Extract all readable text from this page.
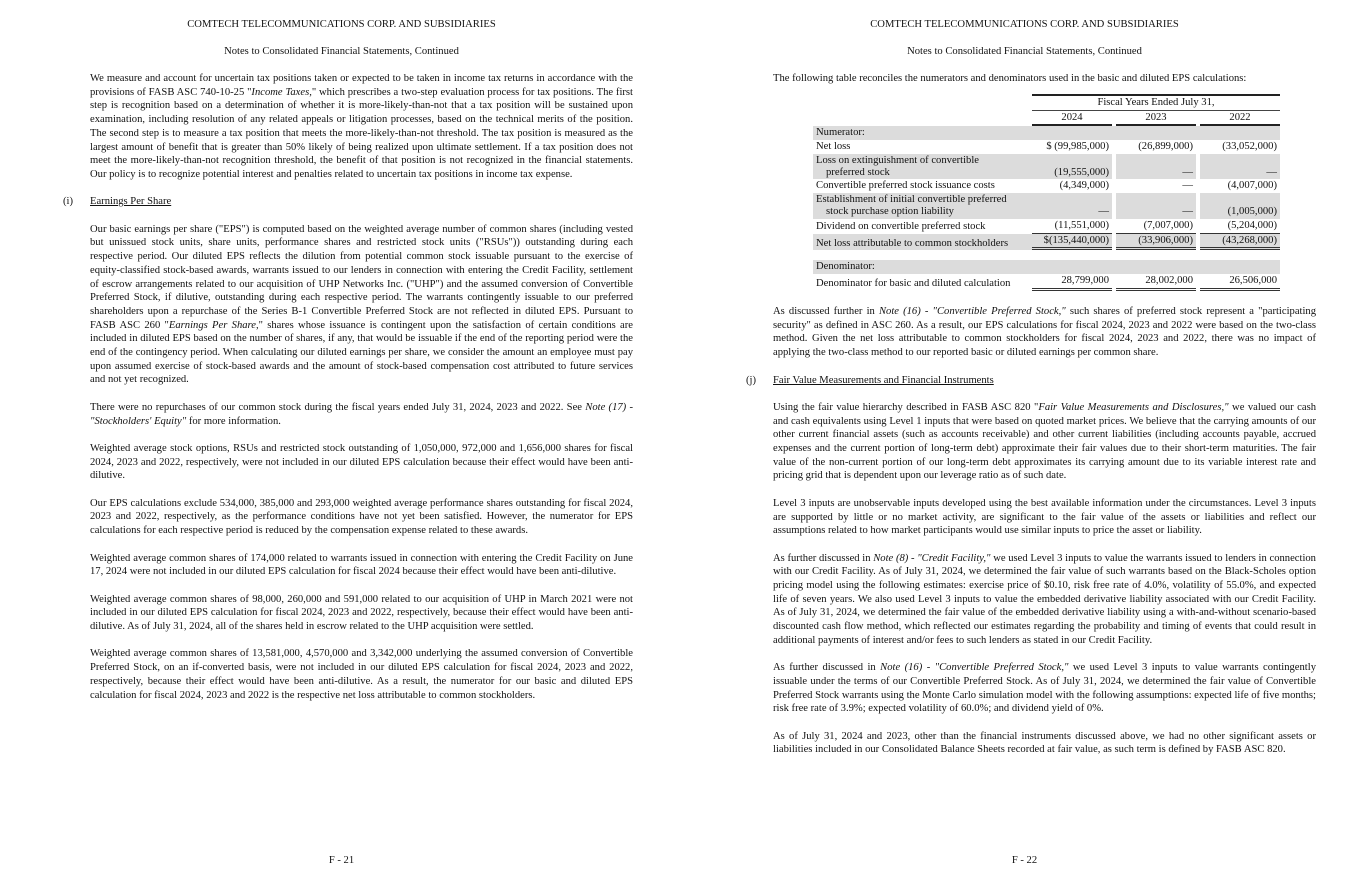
COMTECH TELECOMMUNICATIONS CORP. AND SUBSIDIARIES
Notes to Consolidated Financial Statements, Continued

We measure and account for uncertain tax positions taken or expected to be taken in income tax returns in accordance with the provisions of FASB ASC 740-10-25 "Income Taxes," which prescribes a two-step evaluation process for tax positions. The first step is recognition based on a determination of whether it is more-likely-than-not that a tax position will be sustained upon examination, including resolution of any related appeals or litigation processes, based on the technical merits of the position. The second step is to measure a tax position that meets the more-likely-than-not threshold. The tax position is measured as the largest amount of benefit that is greater than 50% likely of being realized upon ultimate settlement. If a tax position does not meet the more-likely-than-not recognition threshold, the benefit of that position is not recognized in the financial statements. Our policy is to recognize potential interest and penalties related to uncertain tax positions in income tax expense.

(i) Earnings Per Share

Our basic earnings per share ("EPS") is computed based on the weighted average number of common shares (including vested but unissued stock units, share units, performance shares and restricted stock units ("RSUs")) outstanding during each respective period. Our diluted EPS reflects the dilution from potential common stock issuable pursuant to the exercise of equity-classified stock-based awards, warrants issued to our lenders in connection with entering the Credit Facility, settlement of escrow arrangements related to our acquisition of UHP Networks Inc. ("UHP") and the assumed conversion of Convertible Preferred Stock, if dilutive, outstanding during each respective period. The warrants contingently issuable to our preferred shareholders upon a repurchase of the Series B-1 Convertible Preferred Stock are not reflected in diluted EPS. Pursuant to FASB ASC 260 "Earnings Per Share," shares whose issuance is contingent upon the satisfaction of certain conditions are included in diluted EPS based on the number of shares, if any, that would be issuable if the end of the reporting period were the end of the contingency period. When calculating our diluted earnings per share, we consider the amount an employee must pay upon assumed exercise of stock-based awards and the amount of stock-based compensation cost attributed to future services and not yet recognized.

There were no repurchases of our common stock during the fiscal years ended July 31, 2024, 2023 and 2022. See Note (17) - "Stockholders' Equity" for more information.

Weighted average stock options, RSUs and restricted stock outstanding of 1,050,000, 972,000 and 1,656,000 shares for fiscal 2024, 2023 and 2022, respectively, were not included in our diluted EPS calculation because their effect would have been anti-dilutive.

Our EPS calculations exclude 534,000, 385,000 and 293,000 weighted average performance shares outstanding for fiscal 2024, 2023 and 2022, respectively, as the performance conditions have not yet been satisfied. However, the numerator for EPS calculations for each respective period is reduced by the compensation expense related to these awards.

Weighted average common shares of 174,000 related to warrants issued in connection with entering the Credit Facility on June 17, 2024 were not included in our diluted EPS calculation for fiscal 2024 because their effect would have been anti-dilutive.

Weighted average common shares of 98,000, 260,000 and 591,000 related to our acquisition of UHP in March 2021 were not included in our diluted EPS calculation for fiscal 2024, 2023 and 2022, respectively, because their effect would have been anti-dilutive. As of July 31, 2024, all of the shares held in escrow related to the UHP acquisition were settled.

Weighted average common shares of 13,581,000, 4,570,000 and 3,342,000 underlying the assumed conversion of Convertible Preferred Stock, on an if-converted basis, were not included in our diluted EPS calculation for fiscal 2024, 2023 and 2022, respectively, because their effect would have been anti-dilutive. As a result, the numerator for our basic and diluted EPS calculation for fiscal 2024, 2023 and 2022 is the respective net loss attributable to common stockholders.

F - 21
COMTECH TELECOMMUNICATIONS CORP. AND SUBSIDIARIES
Notes to Consolidated Financial Statements, Continued

The following table reconciles the numerators and denominators used in the basic and diluted EPS calculations:

	Fiscal Years Ended July 31,				
	2024		2023		2022
Numerator:					
Net loss	$ (99,985,000)		(26,899,000)		(33,052,000)
Loss on extinguishment of convertible
preferred stock	(19,555,000)		—		—
Convertible preferred stock issuance costs	(4,349,000)		—		(4,007,000)
Establishment of initial convertible preferred
stock purchase option liability	—		—		(1,005,000)
Dividend on convertible preferred stock	(11,551,000)		(7,007,000)		(5,204,000)
Net loss attributable to common stockholders	$(135,440,000)		(33,906,000)		(43,268,000)

Denominator:					
Denominator for basic and diluted calculation	28,799,000		28,002,000		26,506,000

As discussed further in Note (16) - "Convertible Preferred Stock," such shares of preferred stock represent a "participating security" as defined in ASC 260. As a result, our EPS calculations for fiscal 2024, 2023 and 2022 were based on the two-class method. Given the net loss attributable to common stockholders for fiscal 2024, 2023 and 2022, there was no impact of applying the two-class method to our reported basic or diluted earnings per common share.

(j) Fair Value Measurements and Financial Instruments

Using the fair value hierarchy described in FASB ASC 820 "Fair Value Measurements and Disclosures," we valued our cash and cash equivalents using Level 1 inputs that were based on quoted market prices. We believe that the carrying amounts of our other current financial assets (such as accounts receivable) and other current liabilities (including accounts payable, accrued expenses and the current portion of long-term debt) approximate their fair values due to their short-term maturities. The fair value of the non-current portion of our long-term debt approximates its carrying amount due to its variable interest rate and pricing grid that is dependent upon our leverage ratio as of such date.

Level 3 inputs are unobservable inputs developed using the best available information under the circumstances. Level 3 inputs are supported by little or no market activity, are significant to the fair value of the assets or liabilities and reflect our assumptions related to how market participants would use similar inputs to price the asset or liability.

As further discussed in Note (8) - "Credit Facility," we used Level 3 inputs to value the warrants issued to lenders in connection with our Credit Facility. As of July 31, 2024, we determined the fair value of such warrants based on the Black-Scholes option pricing model using the following estimates: exercise price of $0.10, risk free rate of 4.0%, volatility of 55.0%, and expected life of seven years. We also used Level 3 inputs to value the embedded derivative liability associated with our Credit Facility. As of July 31, 2024, we determined the fair value of the embedded derivative liability using a with-and-without scenario-based discounted cash flow method, which reflected our estimates regarding the probability and timing of events that could result in additional payments of interest and/or fees to such lenders as stated in our Credit Facility.

As further discussed in Note (16) - "Convertible Preferred Stock," we used Level 3 inputs to value warrants contingently issuable under the terms of our Convertible Preferred Stock. As of July 31, 2024, we determined the fair value of Convertible Preferred Stock warrants using the Monte Carlo simulation model with the following assumptions: expected life of five months; risk free rate of 3.9%; expected volatility of 60.0%; and dividend yield of 0%.

As of July 31, 2024 and 2023, other than the financial instruments discussed above, we had no other significant assets or liabilities included in our Consolidated Balance Sheets recorded at fair value, as such term is defined by FASB ASC 820.

F - 22
